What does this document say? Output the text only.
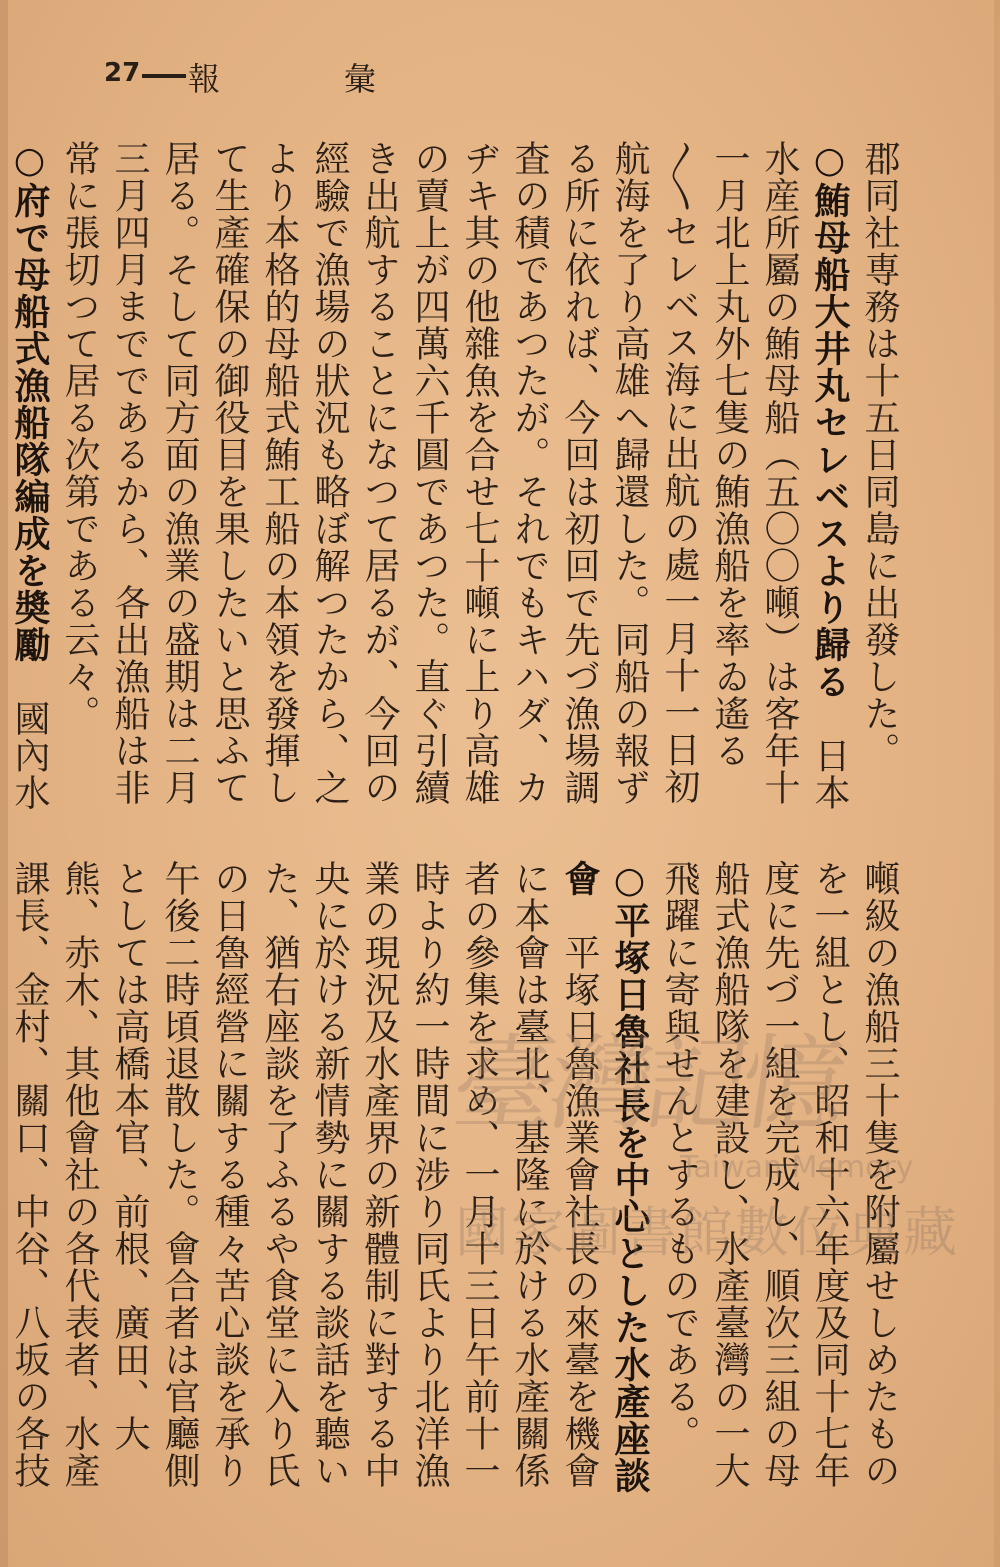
27 報	彙
郡同社専務は十五日同島に出發した。
○鮪母船大井丸セレベスより歸る　日本水産所屬の鮪母船（五〇〇噸）は客年十一月北上丸外七隻の鮪漁船を率ゐ遙る〳〵セレベス海に出航の處一月十一日初航海を了り高雄へ歸還した。同船の報ずる所に依れば、今回は初回で先づ漁場調査の積であつたが。それでもキハダ、カヂキ其の他雜魚を合せ七十噸に上り高雄の賣上が四萬六千圓であつた。直ぐ引續き出航することになつて居るが、今回の經驗で漁場の狀況も略ぼ解つたから、之より本格的母船式鮪工船の本領を發揮して生產確保の御役目を果したいと思ふて居る。そして同方面の漁業の盛期は二月三月四月までであるから、各出漁船は非常に張切つて居る次第である云々。
○府で母船式漁船隊編成を奬勵　國內水
噸級の漁船三十隻を附屬せしめたものを一組とし、昭和十六年度及同十七年度に先づ一組を完成し、順次三組の母船式漁船隊を建設し、水產臺灣の一大飛躍に寄與せんとするものである。
○平塚日魯社長を中心とした水產座談會　平塚日魯漁業會社長の來臺を機會に本會は臺北、基隆に於ける水產關係者の參集を求め、一月十三日午前十一時より約一時間に涉り同氏より北洋漁業の現況及水產界の新體制に對する中央に於ける新情勢に關する談話を聽いた、猶右座談を了ふるや食堂に入り氏の日魯經營に關する種々苦心談を承り午後二時頃退散した。會合者は官廳側としては高橋本官、前根、廣田、大熊、赤木、其他會社の各代表者、水產課長、金村、關口、中谷、八坂の各技

臺灣記憶
Taiwan Memory
國家圖書館數位典藏
